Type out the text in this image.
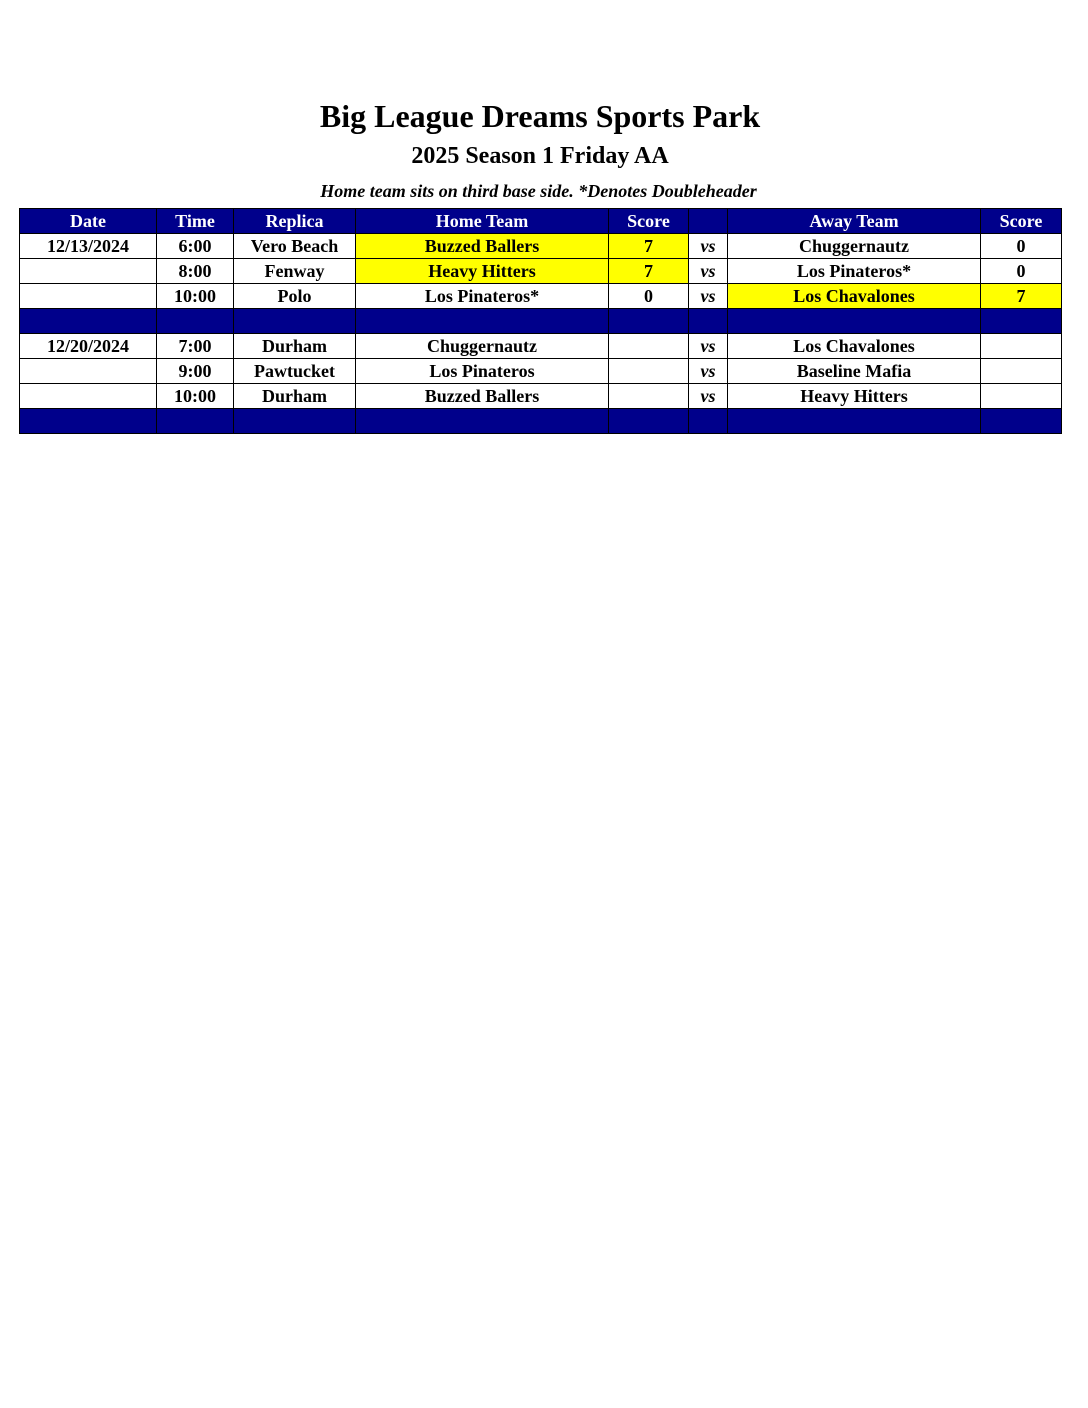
Big League Dreams Sports Park
2025 Season 1 Friday AA
Home team sits on third base side. *Denotes Doubleheader
Date	Time	Replica	Home Team	Score		Away Team	Score
12/13/2024	6:00	Vero Beach	Buzzed Ballers	7	vs	Chuggernautz	0
	8:00	Fenway	Heavy Hitters	7	vs	Los Pinateros*	0
	10:00	Polo	Los Pinateros*	0	vs	Los Chavalones	7

12/20/2024	7:00	Durham	Chuggernautz		vs	Los Chavalones	
	9:00	Pawtucket	Los Pinateros		vs	Baseline Mafia	
	10:00	Durham	Buzzed Ballers		vs	Heavy Hitters	
